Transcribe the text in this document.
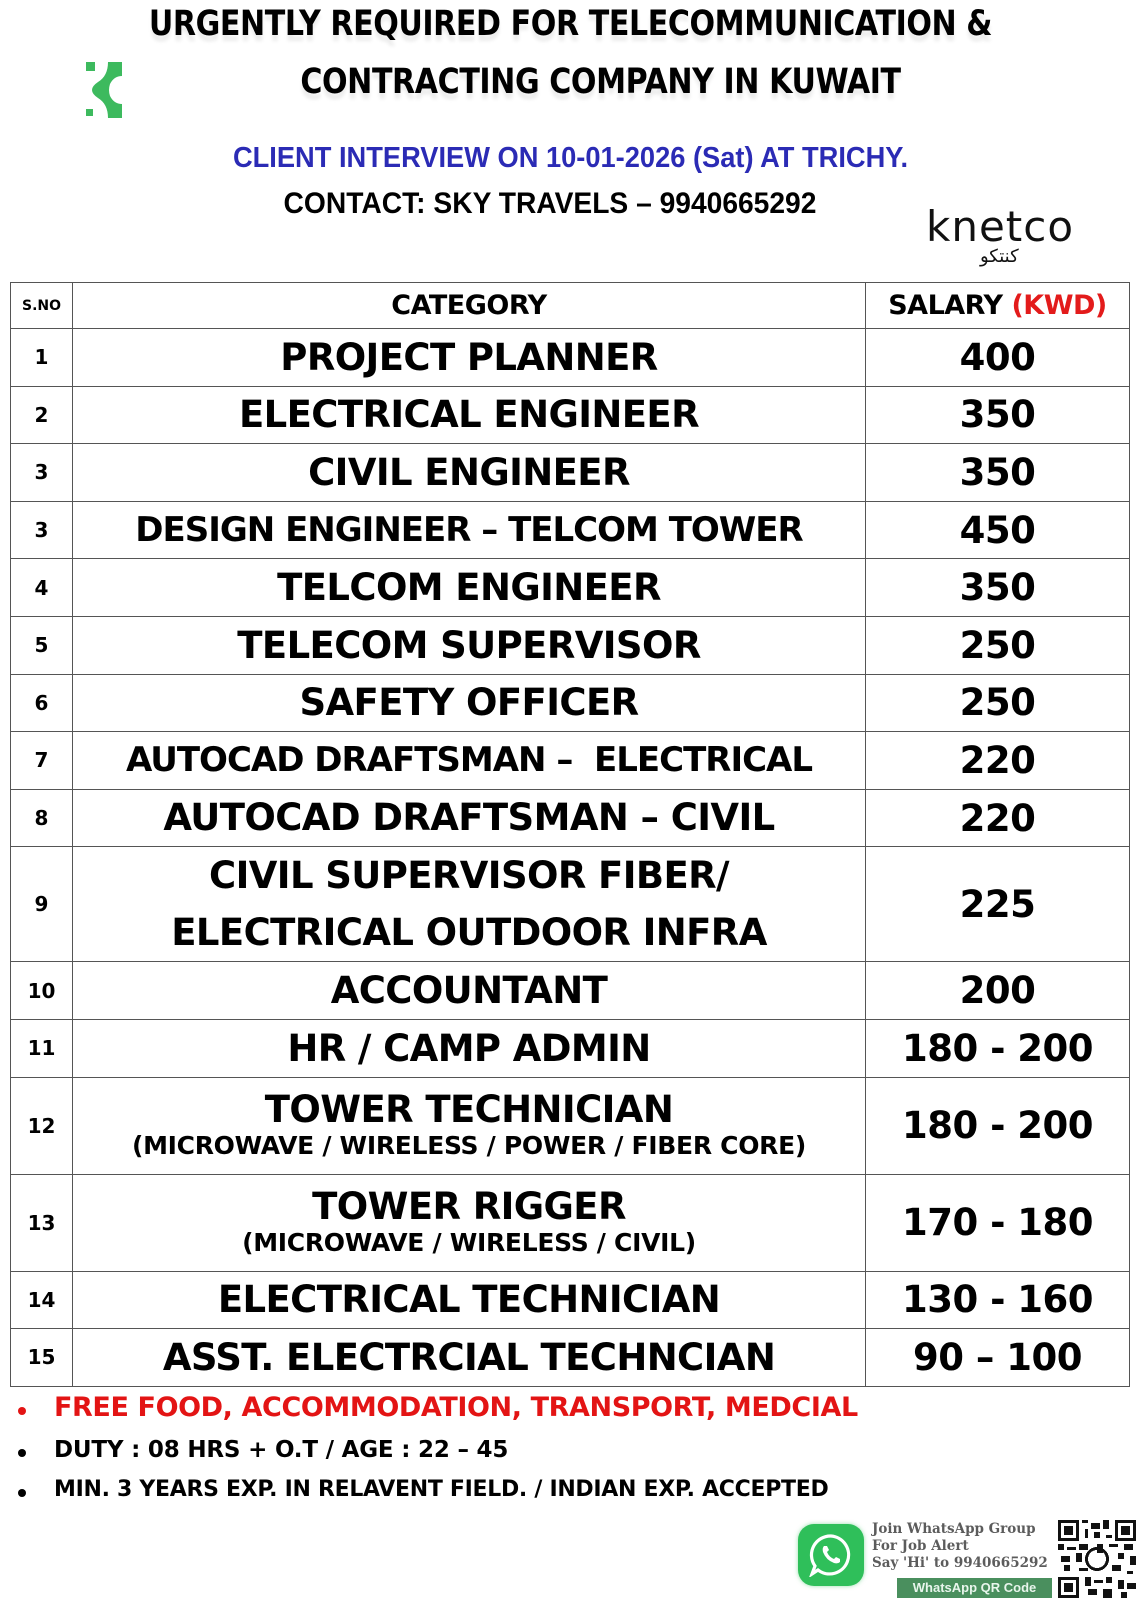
URGENTLY REQUIRED FOR TELECOMMUNICATION &
CONTRACTING COMPANY IN KUWAIT
CLIENT INTERVIEW ON 10-01-2026 (Sat) AT TRICHY.
CONTACT: SKY TRAVELS – 9940665292	knetco
كنتكو
S.NO	CATEGORY	SALARY (KWD)
1	PROJECT PLANNER	400
2	ELECTRICAL ENGINEER	350
3	CIVIL ENGINEER	350
3	DESIGN ENGINEER – TELCOM TOWER	450
4	TELCOM ENGINEER	350
5	TELECOM SUPERVISOR	250
6	SAFETY OFFICER	250
7	AUTOCAD DRAFTSMAN –  ELECTRICAL	220
8	AUTOCAD DRAFTSMAN – CIVIL	220
9	CIVIL SUPERVISOR FIBER/
ELECTRICAL OUTDOOR INFRA	225
10	ACCOUNTANT	200
11	HR / CAMP ADMIN	180 - 200
12	TOWER TECHNICIAN
(MICROWAVE / WIRELESS / POWER / FIBER CORE)	180 - 200
13	TOWER RIGGER
(MICROWAVE / WIRELESS / CIVIL)	170 - 180
14	ELECTRICAL TECHNICIAN	130 - 160
15	ASST. ELECTRCIAL TECHNCIAN	90 – 100
FREE FOOD, ACCOMMODATION, TRANSPORT, MEDCIAL
DUTY : 08 HRS + O.T / AGE : 22 – 45
MIN. 3 YEARS EXP. IN RELAVENT FIELD. / INDIAN EXP. ACCEPTED
Join WhatsApp Group
For Job Alert
Say 'Hi' to 9940665292
WhatsApp QR Code
